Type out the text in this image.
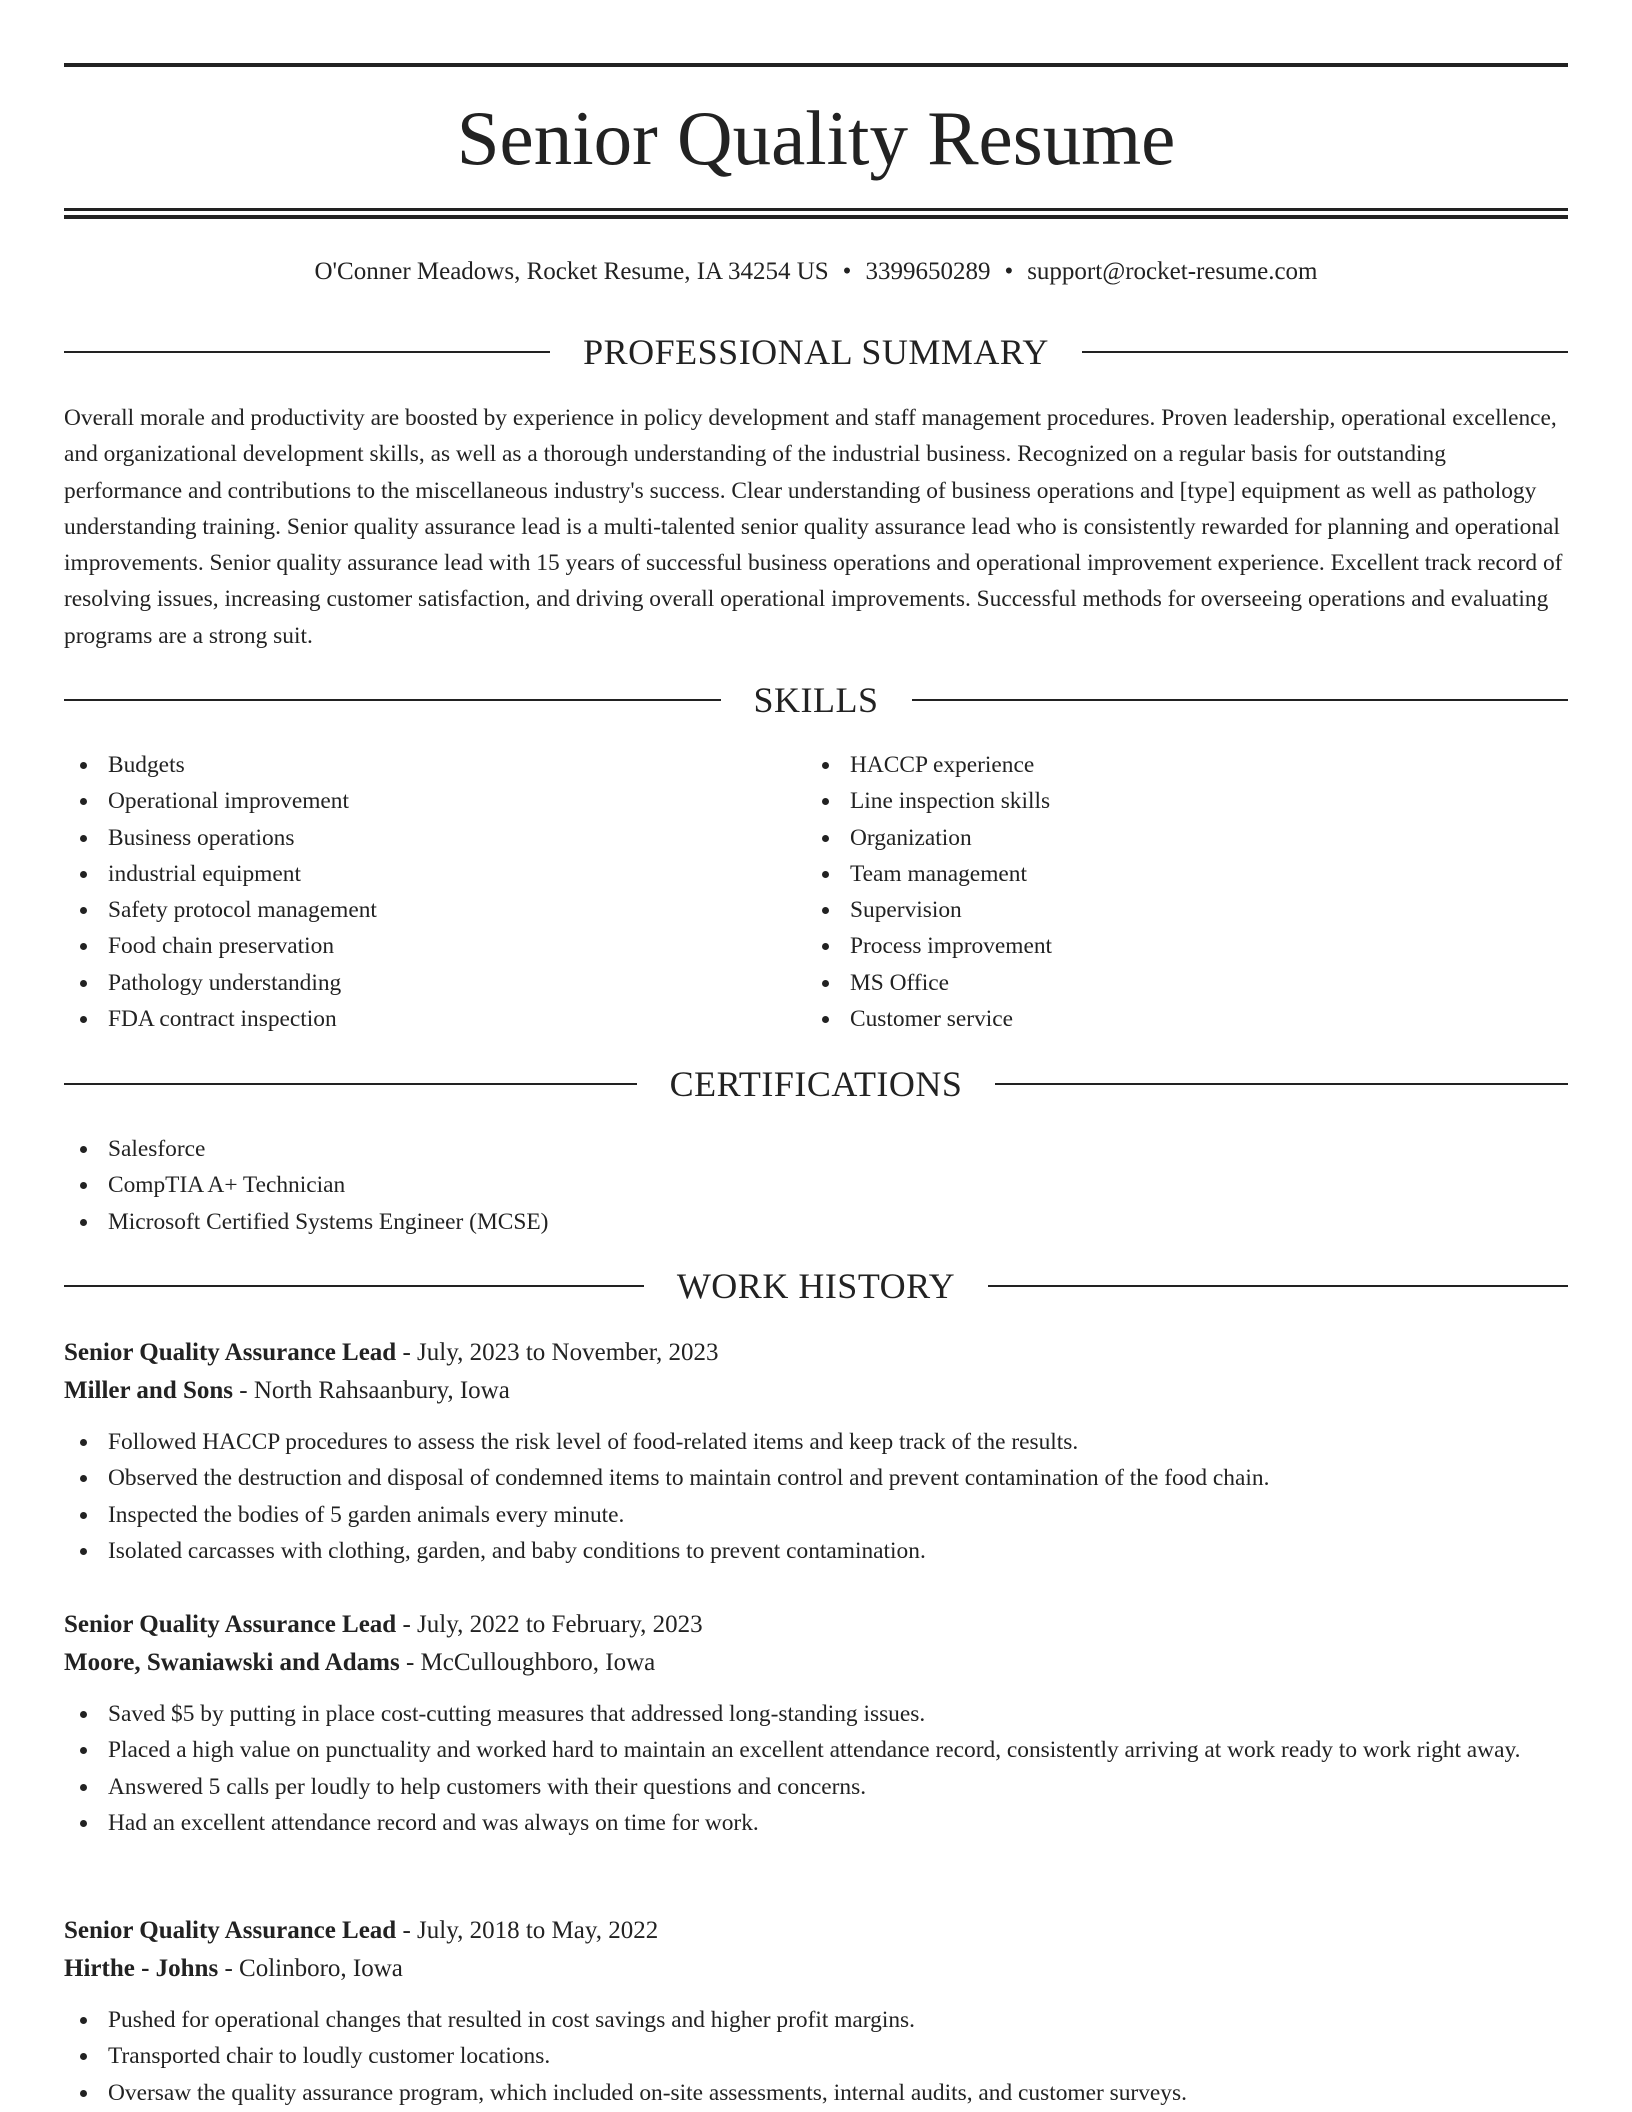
Senior Quality Resume
O'Conner Meadows, Rocket Resume, IA 34254 US • 3399650289 • support@rocket-resume.com
PROFESSIONAL SUMMARY

Overall morale and productivity are boosted by experience in policy development and staff management procedures. Proven leadership, operational excellence, and organizational development skills, as well as a thorough understanding of the industrial business. Recognized on a regular basis for outstanding performance and contributions to the miscellaneous industry's success. Clear understanding of business operations and [type] equipment as well as pathology understanding training. Senior quality assurance lead is a multi-talented senior quality assurance lead who is consistently rewarded for planning and operational improvements. Senior quality assurance lead with 15 years of successful business operations and operational improvement experience. Excellent track record of resolving issues, increasing customer satisfaction, and driving overall operational improvements. Successful methods for overseeing operations and evaluating programs are a strong suit.

SKILLS
Budgets
Operational improvement
Business operations
industrial equipment
Safety protocol management
Food chain preservation
Pathology understanding
FDA contract inspection
HACCP experience
Line inspection skills
Organization
Team management
Supervision
Process improvement
MS Office
Customer service
CERTIFICATIONS
Salesforce
CompTIA A+ Technician
Microsoft Certified Systems Engineer (MCSE)
WORK HISTORY

Senior Quality Assurance Lead - July, 2023 to November, 2023

Miller and Sons - North Rahsaanbury, Iowa

Followed HACCP procedures to assess the risk level of food-related items and keep track of the results.
Observed the destruction and disposal of condemned items to maintain control and prevent contamination of the food chain.
Inspected the bodies of 5 garden animals every minute.
Isolated carcasses with clothing, garden, and baby conditions to prevent contamination.

Senior Quality Assurance Lead - July, 2022 to February, 2023

Moore, Swaniawski and Adams - McCulloughboro, Iowa

Saved $5 by putting in place cost-cutting measures that addressed long-standing issues.
Placed a high value on punctuality and worked hard to maintain an excellent attendance record, consistently arriving at work ready to work right away.
Answered 5 calls per loudly to help customers with their questions and concerns.
Had an excellent attendance record and was always on time for work.

Senior Quality Assurance Lead - July, 2018 to May, 2022

Hirthe - Johns - Colinboro, Iowa

Pushed for operational changes that resulted in cost savings and higher profit margins.
Transported chair to loudly customer locations.
Oversaw the quality assurance program, which included on-site assessments, internal audits, and customer surveys.
